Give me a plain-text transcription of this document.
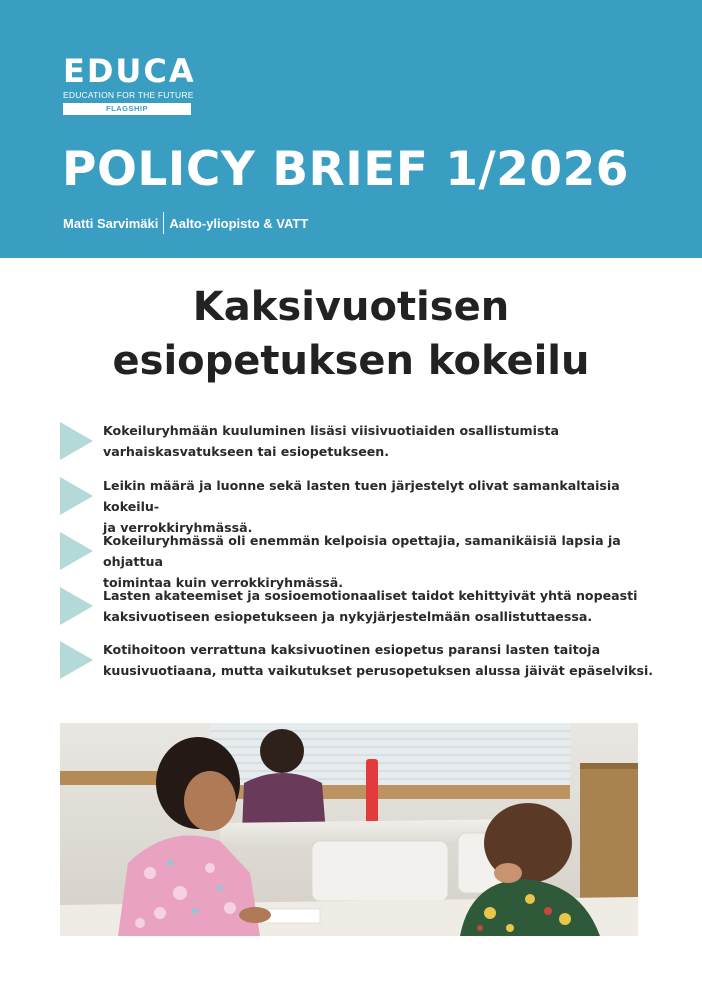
EDUCA
EDUCATION FOR THE FUTURE
FLAGSHIP
POLICY BRIEF 1/2026
Matti Sarvimäki Aalto-yliopisto & VATT
Kaksivuotisen
esiopetuksen kokeilu
Kokeiluryhmään kuuluminen lisäsi viisivuotiaiden osallistumista
varhaiskasvatukseen tai esiopetukseen.
Leikin määrä ja luonne sekä lasten tuen järjestelyt olivat samankaltaisia kokeilu-
ja verrokkiryhmässä.
Kokeiluryhmässä oli enemmän kelpoisia opettajia, samanikäisiä lapsia ja ohjattua
toimintaa kuin verrokkiryhmässä.
Lasten akateemiset ja sosioemotionaaliset taidot kehittyivät yhtä nopeasti
kaksivuotiseen esiopetukseen ja nykyjärjestelmään osallistuttaessa.
Kotihoitoon verrattuna kaksivuotinen esiopetus paransi lasten taitoja
kuusivuotiaana, mutta vaikutukset perusopetuksen alussa jäivät epäselviksi.
